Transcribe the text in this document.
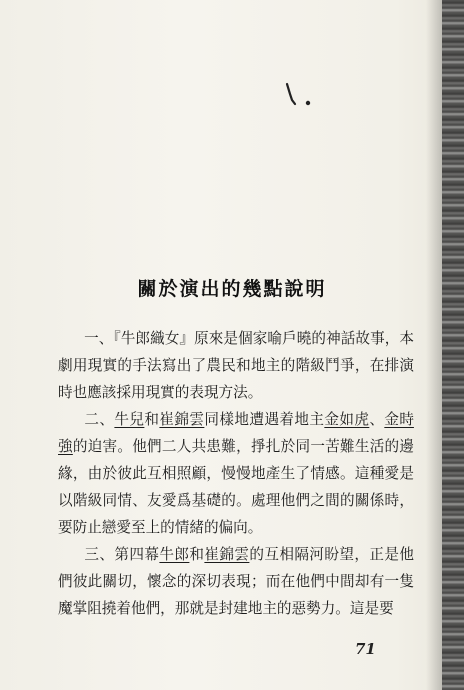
關於演出的幾點說明

一、『牛郎織女』原來是個家喻戶曉的神話故事，本劇用現實的手法寫出了農民和地主的階級鬥爭，在排演時也應該採用現實的表現方法。

二、牛兒和崔錦雲同樣地遭遇着地主金如虎、金時強的迫害。他們二人共患難，掙扎於同一苦難生活的邊緣，由於彼此互相照顧，慢慢地產生了情感。這種愛是以階級同情、友愛爲基礎的。處理他們之間的關係時，要防止戀愛至上的情緒的偏向。

三、第四幕牛郎和崔錦雲的互相隔河盼望，正是他們彼此關切，懷念的深切表現；而在他們中間却有一隻魔掌阻撓着他們，那就是封建地主的惡勢力。這是要

71
